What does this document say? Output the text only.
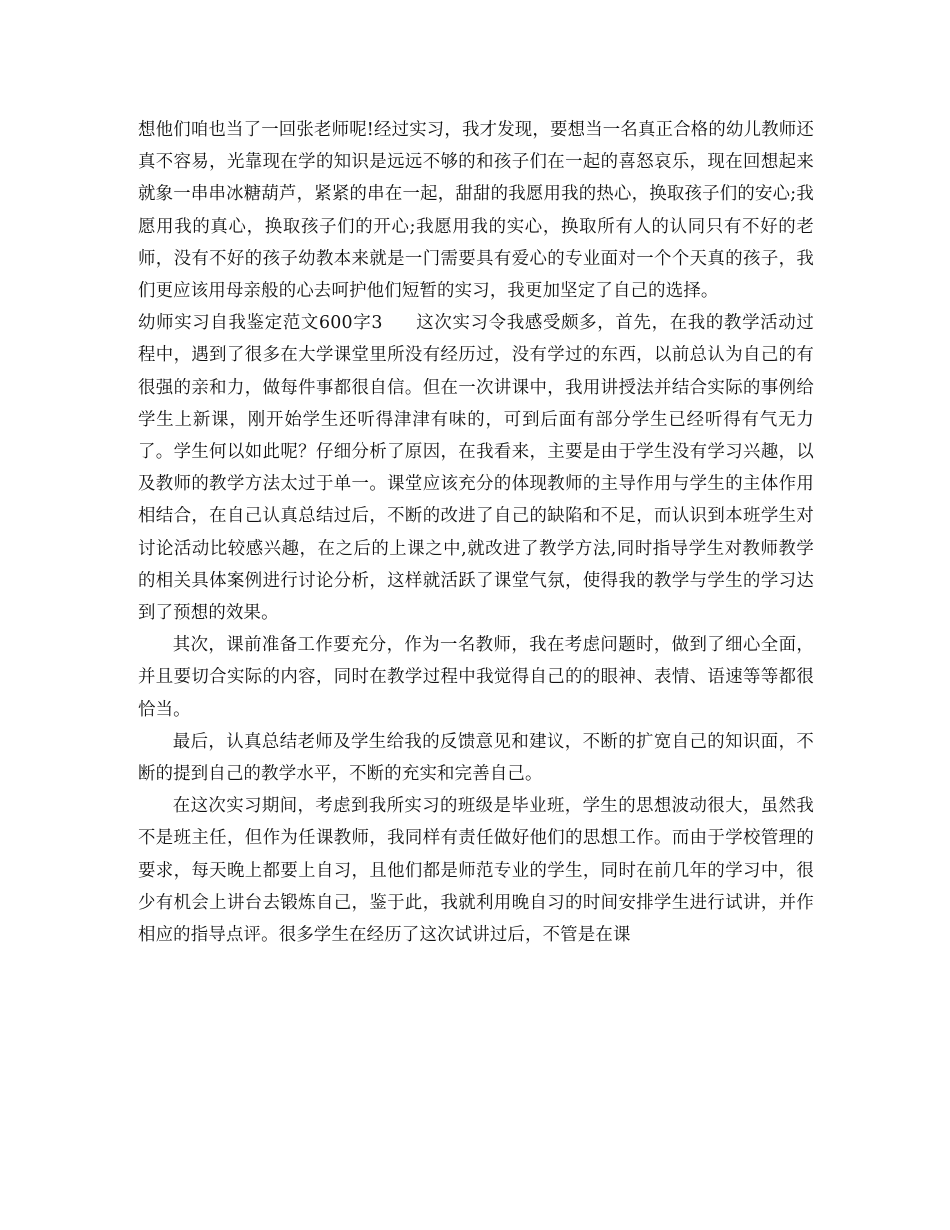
想他们咱也当了一回张老师呢!经过实习，我才发现，要想当一名真正合格的幼儿教师还真不容易，光靠现在学的知识是远远不够的和孩子们在一起的喜怒哀乐，现在回想起来就象一串串冰糖葫芦，紧紧的串在一起，甜甜的我愿用我的热心，换取孩子们的安心;我愿用我的真心，换取孩子们的开心;我愿用我的实心，换取所有人的认同只有不好的老师，没有不好的孩子幼教本来就是一门需要具有爱心的专业面对一个个天真的孩子，我们更应该用母亲般的心去呵护他们短暂的实习，我更加坚定了自己的选择。

幼师实习自我鉴定范文600字3 这次实习令我感受颇多，首先，在我的教学活动过程中，遇到了很多在大学课堂里所没有经历过，没有学过的东西，以前总认为自己的有很强的亲和力，做每件事都很自信。但在一次讲课中，我用讲授法并结合实际的事例给学生上新课，刚开始学生还听得津津有味的，可到后面有部分学生已经听得有气无力了。学生何以如此呢？仔细分析了原因，在我看来，主要是由于学生没有学习兴趣，以及教师的教学方法太过于单一。课堂应该充分的体现教师的主导作用与学生的主体作用相结合，在自己认真总结过后，不断的改进了自己的缺陷和不足，而认识到本班学生对讨论活动比较感兴趣，在之后的上课之中,就改进了教学方法,同时指导学生对教师教学的相关具体案例进行讨论分析，这样就活跃了课堂气氛，使得我的教学与学生的学习达到了预想的效果。

其次，课前准备工作要充分，作为一名教师，我在考虑问题时，做到了细心全面，并且要切合实际的内容，同时在教学过程中我觉得自己的的眼神、表情、语速等等都很恰当。

最后，认真总结老师及学生给我的反馈意见和建议，不断的扩宽自己的知识面，不断的提到自己的教学水平，不断的充实和完善自己。

在这次实习期间，考虑到我所实习的班级是毕业班，学生的思想波动很大，虽然我不是班主任，但作为任课教师，我同样有责任做好他们的思想工作。而由于学校管理的要求，每天晚上都要上自习，且他们都是师范专业的学生，同时在前几年的学习中，很少有机会上讲台去锻炼自己，鉴于此，我就利用晚自习的时间安排学生进行试讲，并作相应的指导点评。很多学生在经历了这次试讲过后，不管是在课
